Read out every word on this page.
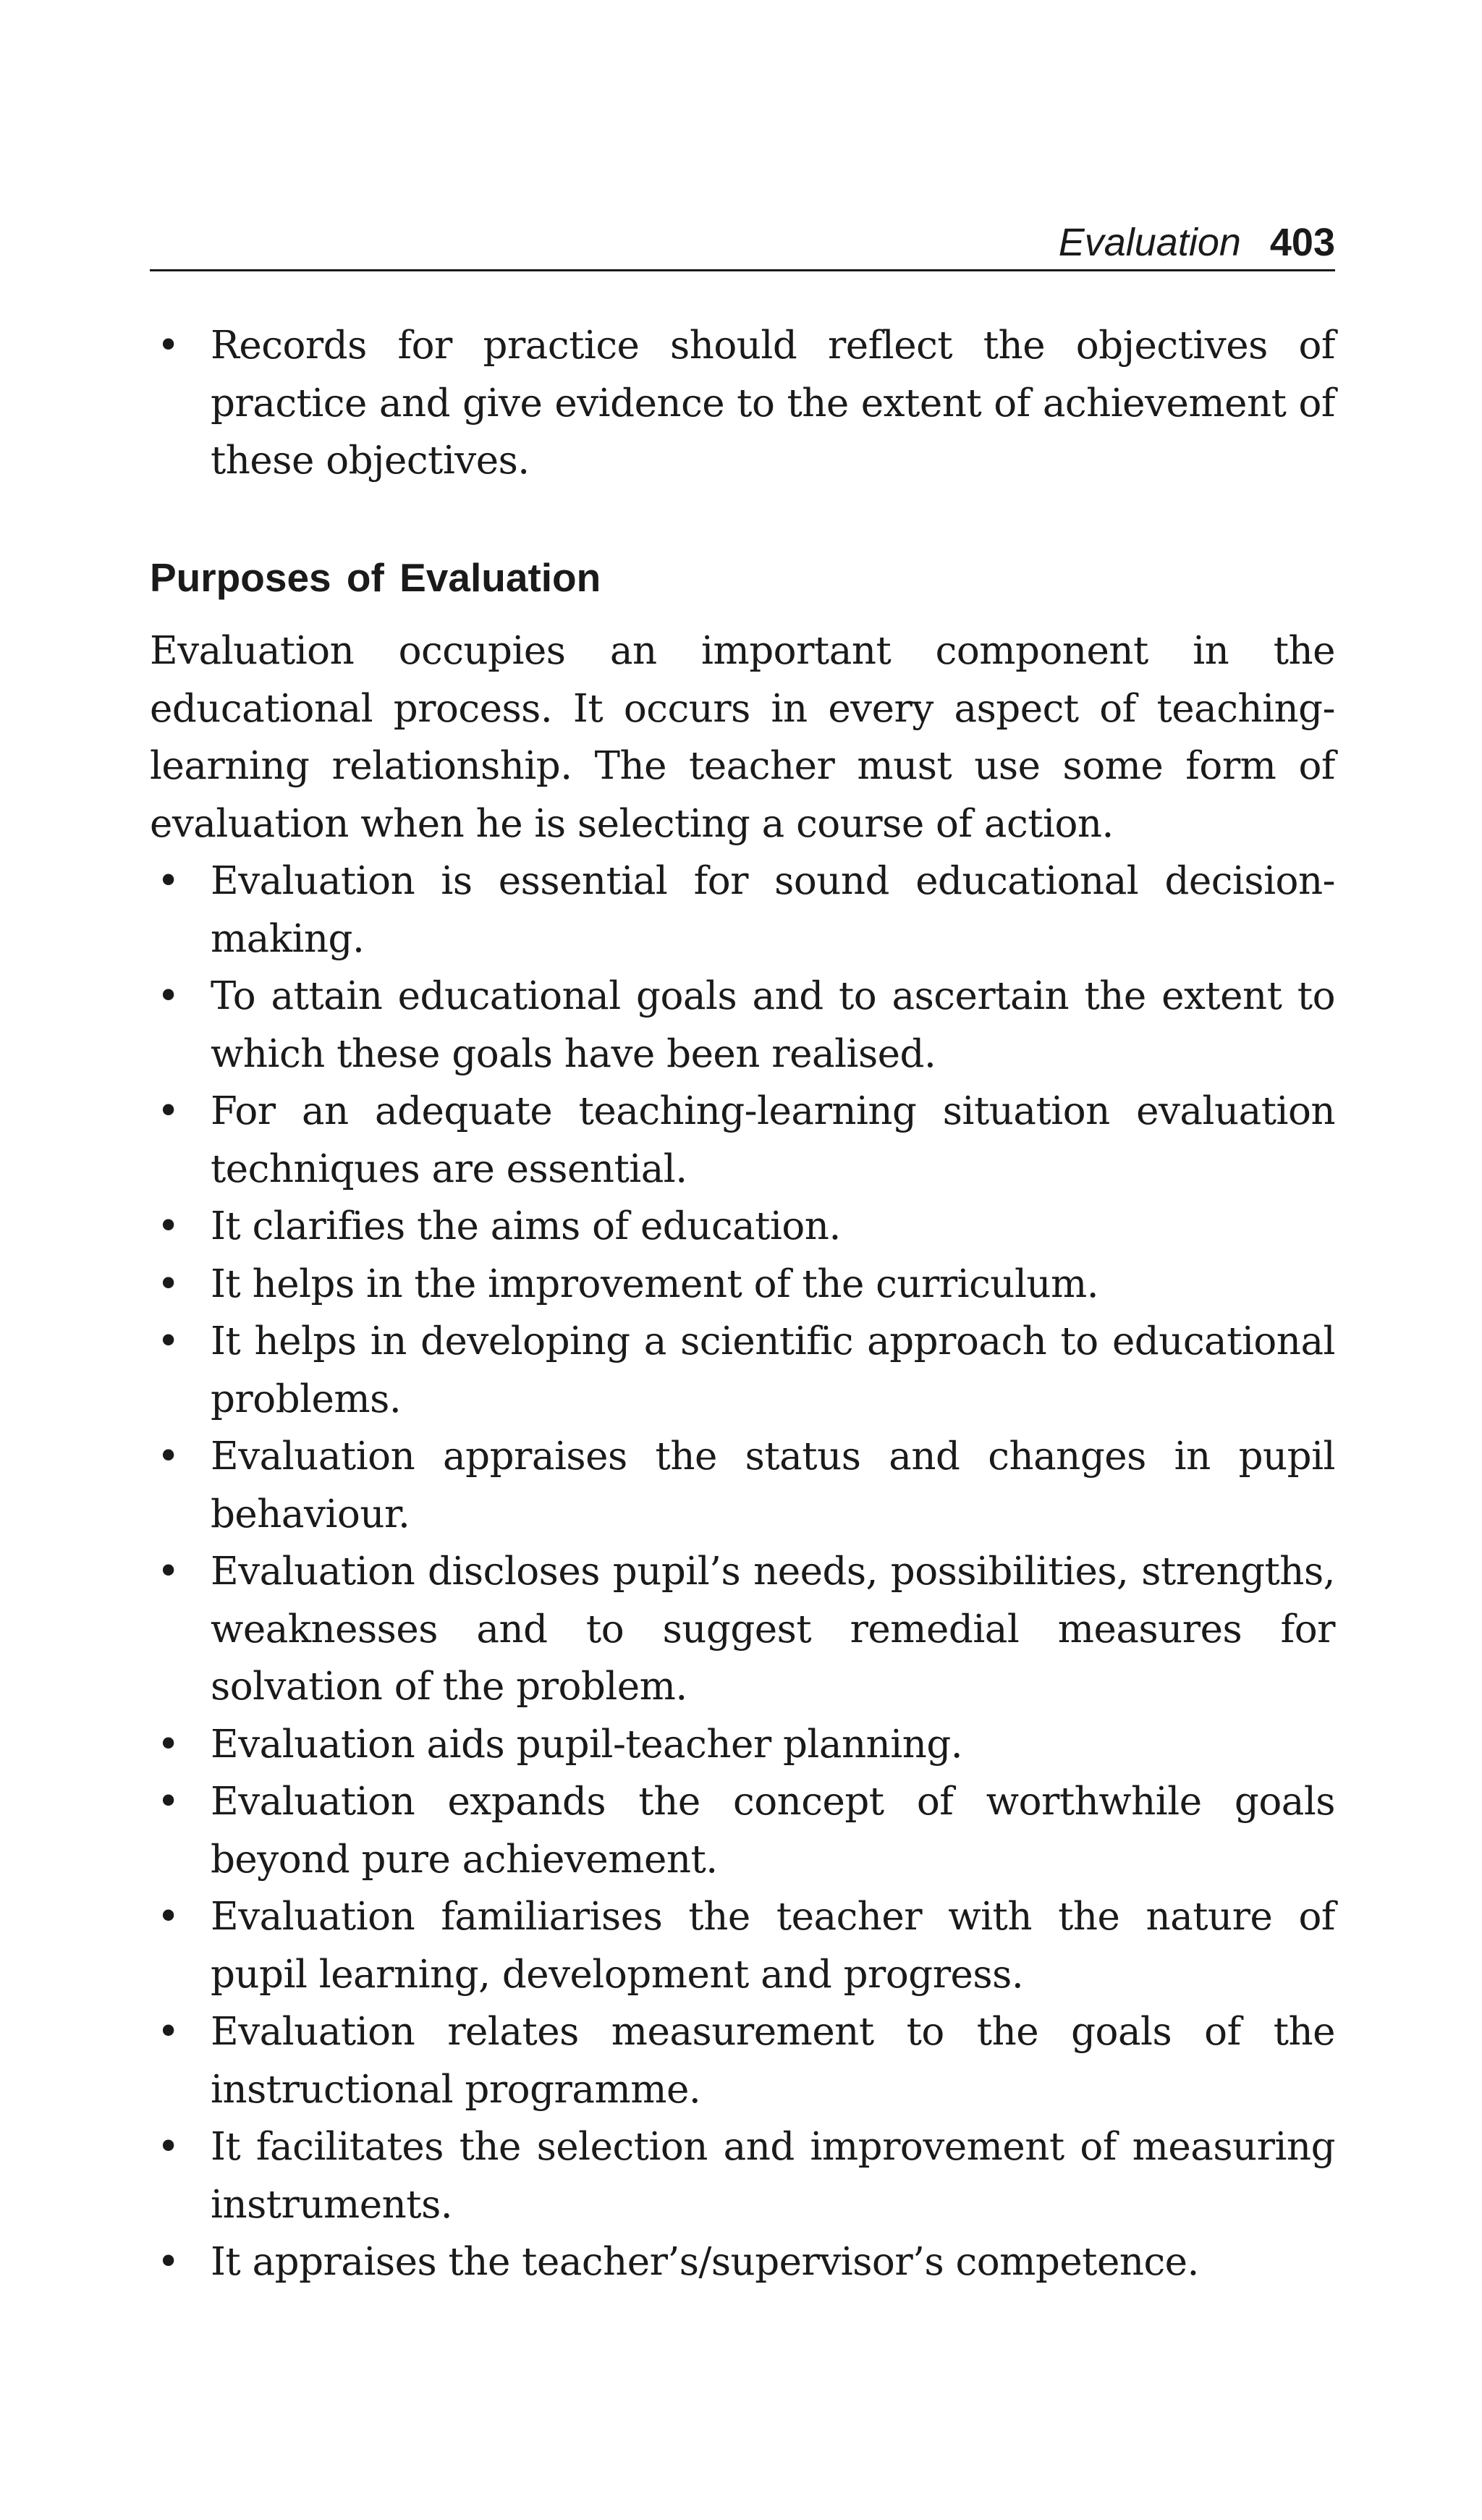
Evaluation 403
• Records for practice should reflect the objectives of practice and give evidence to the extent of achievement of these objectives.
Purposes of Evaluation

Evaluation occupies an important component in the educational process. It occurs in every aspect of teaching-learning relationship. The teacher must use some form of evaluation when he is selecting a course of action.

• Evaluation is essential for sound educational decision-making.
• To attain educational goals and to ascertain the extent to which these goals have been realised.
• For an adequate teaching-learning situation evaluation techniques are essential.
• It clarifies the aims of education.
• It helps in the improvement of the curriculum.
• It helps in developing a scientific approach to educational problems.
• Evaluation appraises the status and changes in pupil behaviour.
• Evaluation discloses pupil’s needs, possibilities, strengths, weaknesses and to suggest remedial measures for solvation of the problem.
• Evaluation aids pupil-teacher planning.
• Evaluation expands the concept of worthwhile goals beyond pure achievement.
• Evaluation familiarises the teacher with the nature of pupil learning, development and progress.
• Evaluation relates measurement to the goals of the instructional programme.
• It facilitates the selection and improvement of measuring instruments.
• It appraises the teacher’s/supervisor’s competence.
